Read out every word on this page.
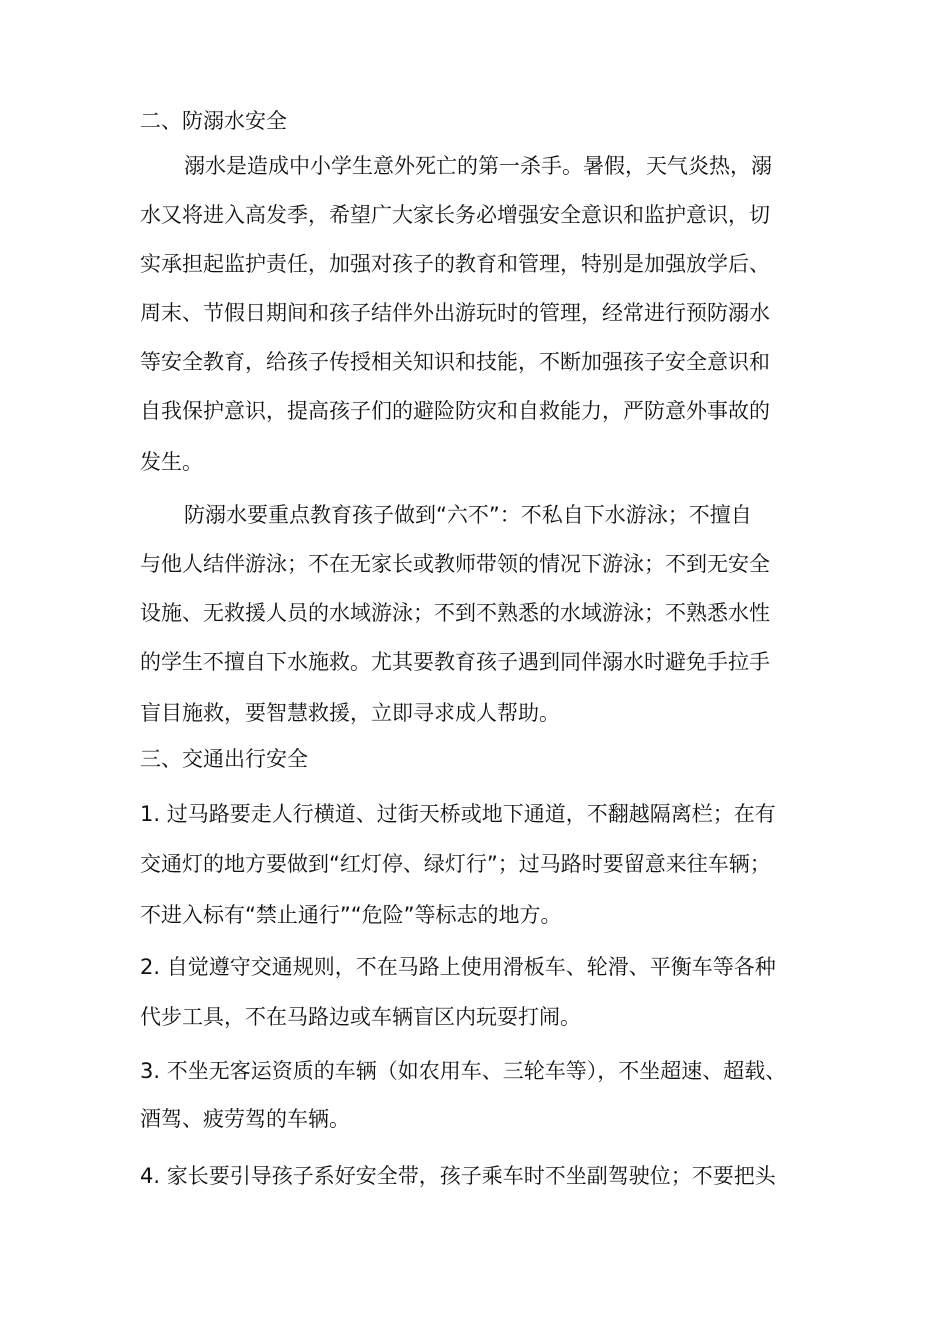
二、防溺水安全

溺水是造成中小学生意外死亡的第一杀手。暑假，天气炎热，溺

水又将进入高发季，希望广大家长务必增强安全意识和监护意识，切

实承担起监护责任，加强对孩子的教育和管理，特别是加强放学后、

周末、节假日期间和孩子结伴外出游玩时的管理，经常进行预防溺水

等安全教育，给孩子传授相关知识和技能，不断加强孩子安全意识和

自我保护意识，提高孩子们的避险防灾和自救能力，严防意外事故的

发生。

防溺水要重点教育孩子做到“六不”：不私自下水游泳；不擅自

与他人结伴游泳；不在无家长或教师带领的情况下游泳；不到无安全

设施、无救援人员的水域游泳；不到不熟悉的水域游泳；不熟悉水性

的学生不擅自下水施救。尤其要教育孩子遇到同伴溺水时避免手拉手

盲目施救，要智慧救援，立即寻求成人帮助。

三、交通出行安全

1. 过马路要走人行横道、过街天桥或地下通道，不翻越隔离栏；在有

交通灯的地方要做到“红灯停、绿灯行”；过马路时要留意来往车辆；

不进入标有“禁止通行”“危险”等标志的地方。

2. 自觉遵守交通规则，不在马路上使用滑板车、轮滑、平衡车等各种

代步工具，不在马路边或车辆盲区内玩耍打闹。

3. 不坐无客运资质的车辆（如农用车、三轮车等），不坐超速、超载、

酒驾、疲劳驾的车辆。

4. 家长要引导孩子系好安全带，孩子乘车时不坐副驾驶位；不要把头
